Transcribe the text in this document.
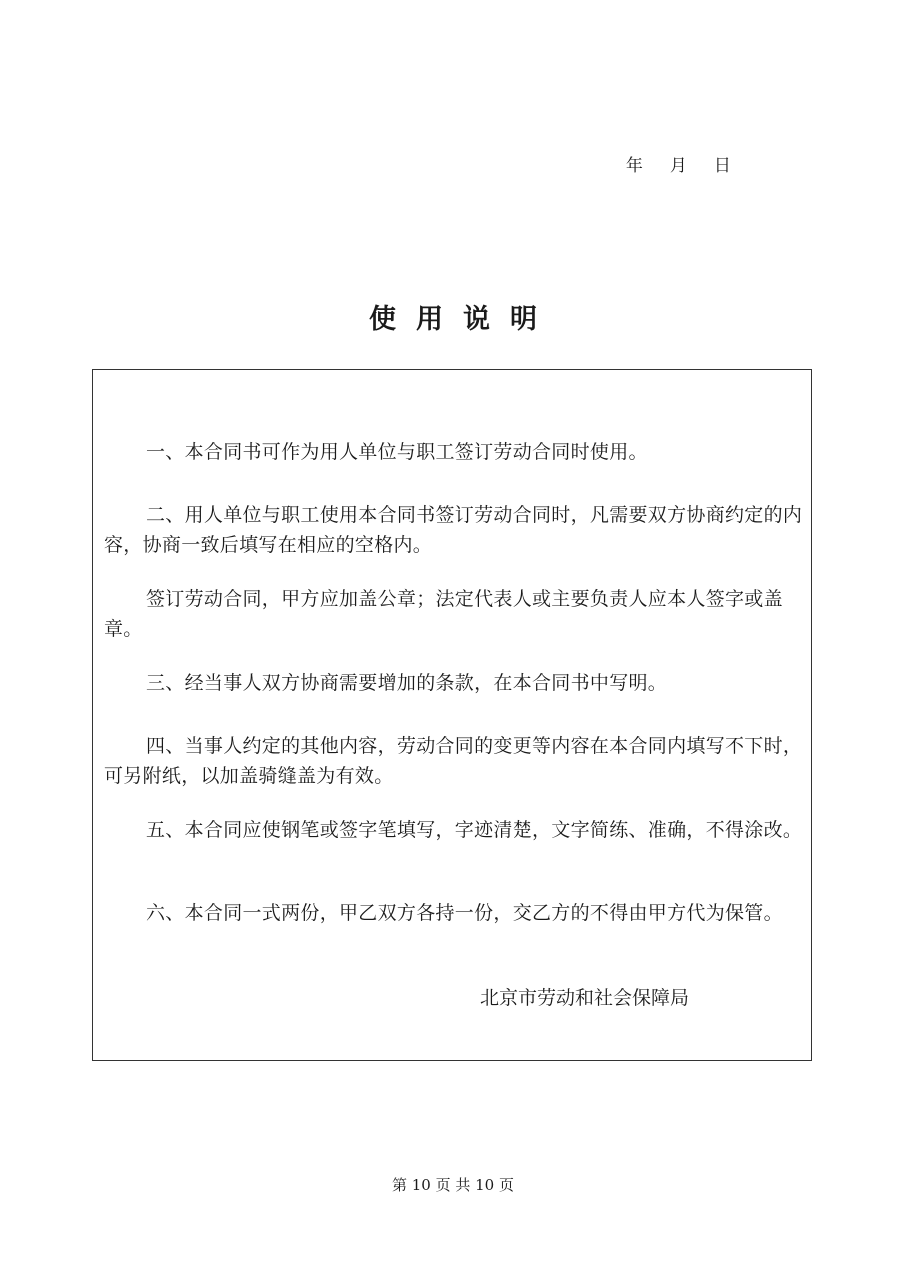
年 月 日

使用说明

一、本合同书可作为用人单位与职工签订劳动合同时使用。

二、用人单位与职工使用本合同书签订劳动合同时，凡需要双方协商约定的内容，协商一致后填写在相应的空格内。

签订劳动合同，甲方应加盖公章；法定代表人或主要负责人应本人签字或盖章。

三、经当事人双方协商需要增加的条款，在本合同书中写明。

四、当事人约定的其他内容，劳动合同的变更等内容在本合同内填写不下时，可另附纸，以加盖骑缝盖为有效。

五、本合同应使钢笔或签字笔填写，字迹清楚，文字简练、准确，不得涂改。

六、本合同一式两份，甲乙双方各持一份，交乙方的不得由甲方代为保管。

北京市劳动和社会保障局
第 10 页 共 10 页
